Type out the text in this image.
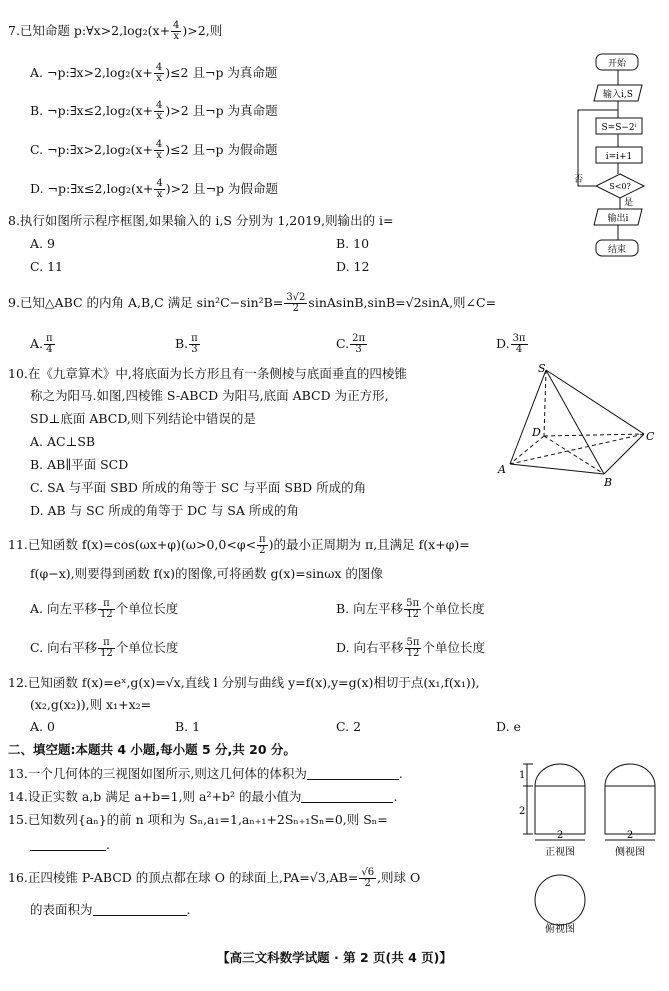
7.已知命题 p:∀x>2,log₂(x+ $\frac{4}{x} )>2$,则
A. ¬p:∃x>2,log₂(x+ $\frac{4}{x} )\le 2$ 且¬p 为真命题
B. ¬p:∃x≤2,log₂(x+ $\frac{4}{x} )>2$ 且¬p 为真命题
C. ¬p:∃x>2,log₂(x+ $\frac{4}{x} )\le 2$ 且¬p 为假命题
D. ¬p:∃x≤2,log₂(x+ $\frac{4}{x} )>2$ 且¬p 为假命题
8.执行如图所示程序框图,如果输入的 i,S 分别为 1,2019,则输出的 i=
A. 9	B. 10
C. 11	D. 12
开始
输入i,S
S=S−2ⁱ
i=i+1
S<0?
否
是
输出i
结束
9.已知△ABC 的内角 A,B,C 满足 $\sin^2C-\sin^2B= \frac{3√2}{2}$ sinAsinB,sinB=√2sinA,则∠C=
A. $\frac{\pi}{4}$	B. $\frac{\pi}{3}$	C. $\frac{2\pi}{3}$	D. $\frac{3\pi}{4}$
10.在《九章算术》中,将底面为长方形且有一条侧棱与底面垂直的四棱锥
称之为阳马.如图,四棱锥 S-ABCD 为阳马,底面 ABCD 为正方形,
SD⊥底面 ABCD,则下列结论中错误的是
A. AC⊥SB
B. AB∥平面 SCD
C. SA 与平面 SBD 所成的角等于 SC 与平面 SBD 所成的角
D. AB 与 SC 所成的角等于 DC 与 SA 所成的角
S
D	C
A
B
11.已知函数 $f(x)=\cos(\omega x+\varphi)(\omega>0,0<\varphi< \frac{\pi}{2}$ )的最小正周期为 π,且满足 f(x+φ)=
f(φ−x),则要得到函数 f(x)的图像,可将函数 g(x)=sinωx 的图像
A. 向左平移 $\frac{\pi}{12}$ 个单位长度	B. 向左平移 $\frac{5\pi}{12}$ 个单位长度
C. 向右平移 $\frac{\pi}{12}$ 个单位长度	D. 向右平移 $\frac{5\pi}{12}$ 个单位长度
12.已知函数 f(x)=eˣ,g(x)=√x,直线 l 分别与曲线 y=f(x),y=g(x)相切于点(x₁,f(x₁)),
(x₂,g(x₂)),则 x₁+x₂=
A. 0	B. 1	C. 2	D. e
二、填空题:本题共 4 小题,每小题 5 分,共 20 分。
13.一个几何体的三视图如图所示,则这几何体的体积为	.
14.设正实数 a,b 满足 a+b=1,则 a²+b² 的最小值为	.
15.已知数列{aₙ}的前 n 项和为 Sₙ,a₁=1,aₙ₊₁+2Sₙ₊₁Sₙ=0,则 Sₙ=
.
16.正四棱锥 P-ABCD 的顶点都在球 O 的球面上$,PA=√3,AB= \frac{√6}{2}$ ,则球 O
的表面积为	.
1
2
2	2
正视图	侧视图
俯视图
【高三文科数学试题 · 第 2 页(共 4 页)】
